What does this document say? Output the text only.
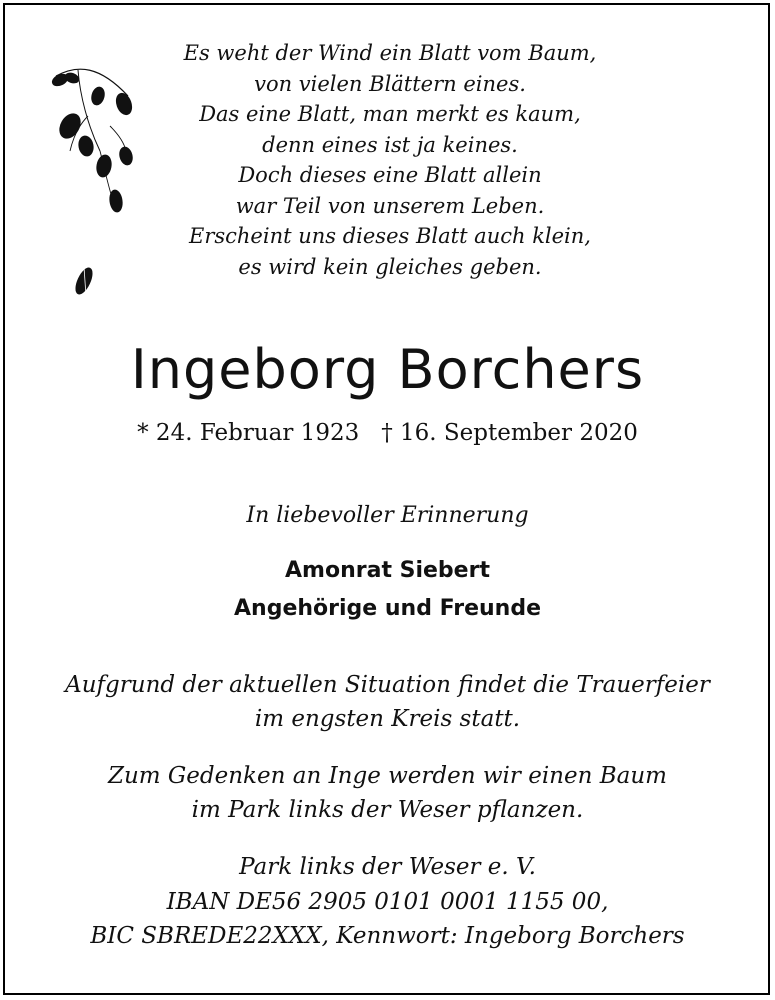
Es weht der Wind ein Blatt vom Baum,
von vielen Blättern eines.
Das eine Blatt, man merkt es kaum,
denn eines ist ja keines.
Doch dieses eine Blatt allein
war Teil von unserem Leben.
Erscheint uns dieses Blatt auch klein,
es wird kein gleiches geben.
Ingeborg Borchers
* 24. Februar 1923 † 16. September 2020
In liebevoller Erinnerung
Amonrat Siebert
Angehörige und Freunde
Aufgrund der aktuellen Situation findet die Trauerfeier
im engsten Kreis statt.
Zum Gedenken an Inge werden wir einen Baum
im Park links der Weser pflanzen.
Park links der Weser e. V.
IBAN DE56 2905 0101 0001 1155 00,
BIC SBREDE22XXX, Kennwort: Ingeborg Borchers
